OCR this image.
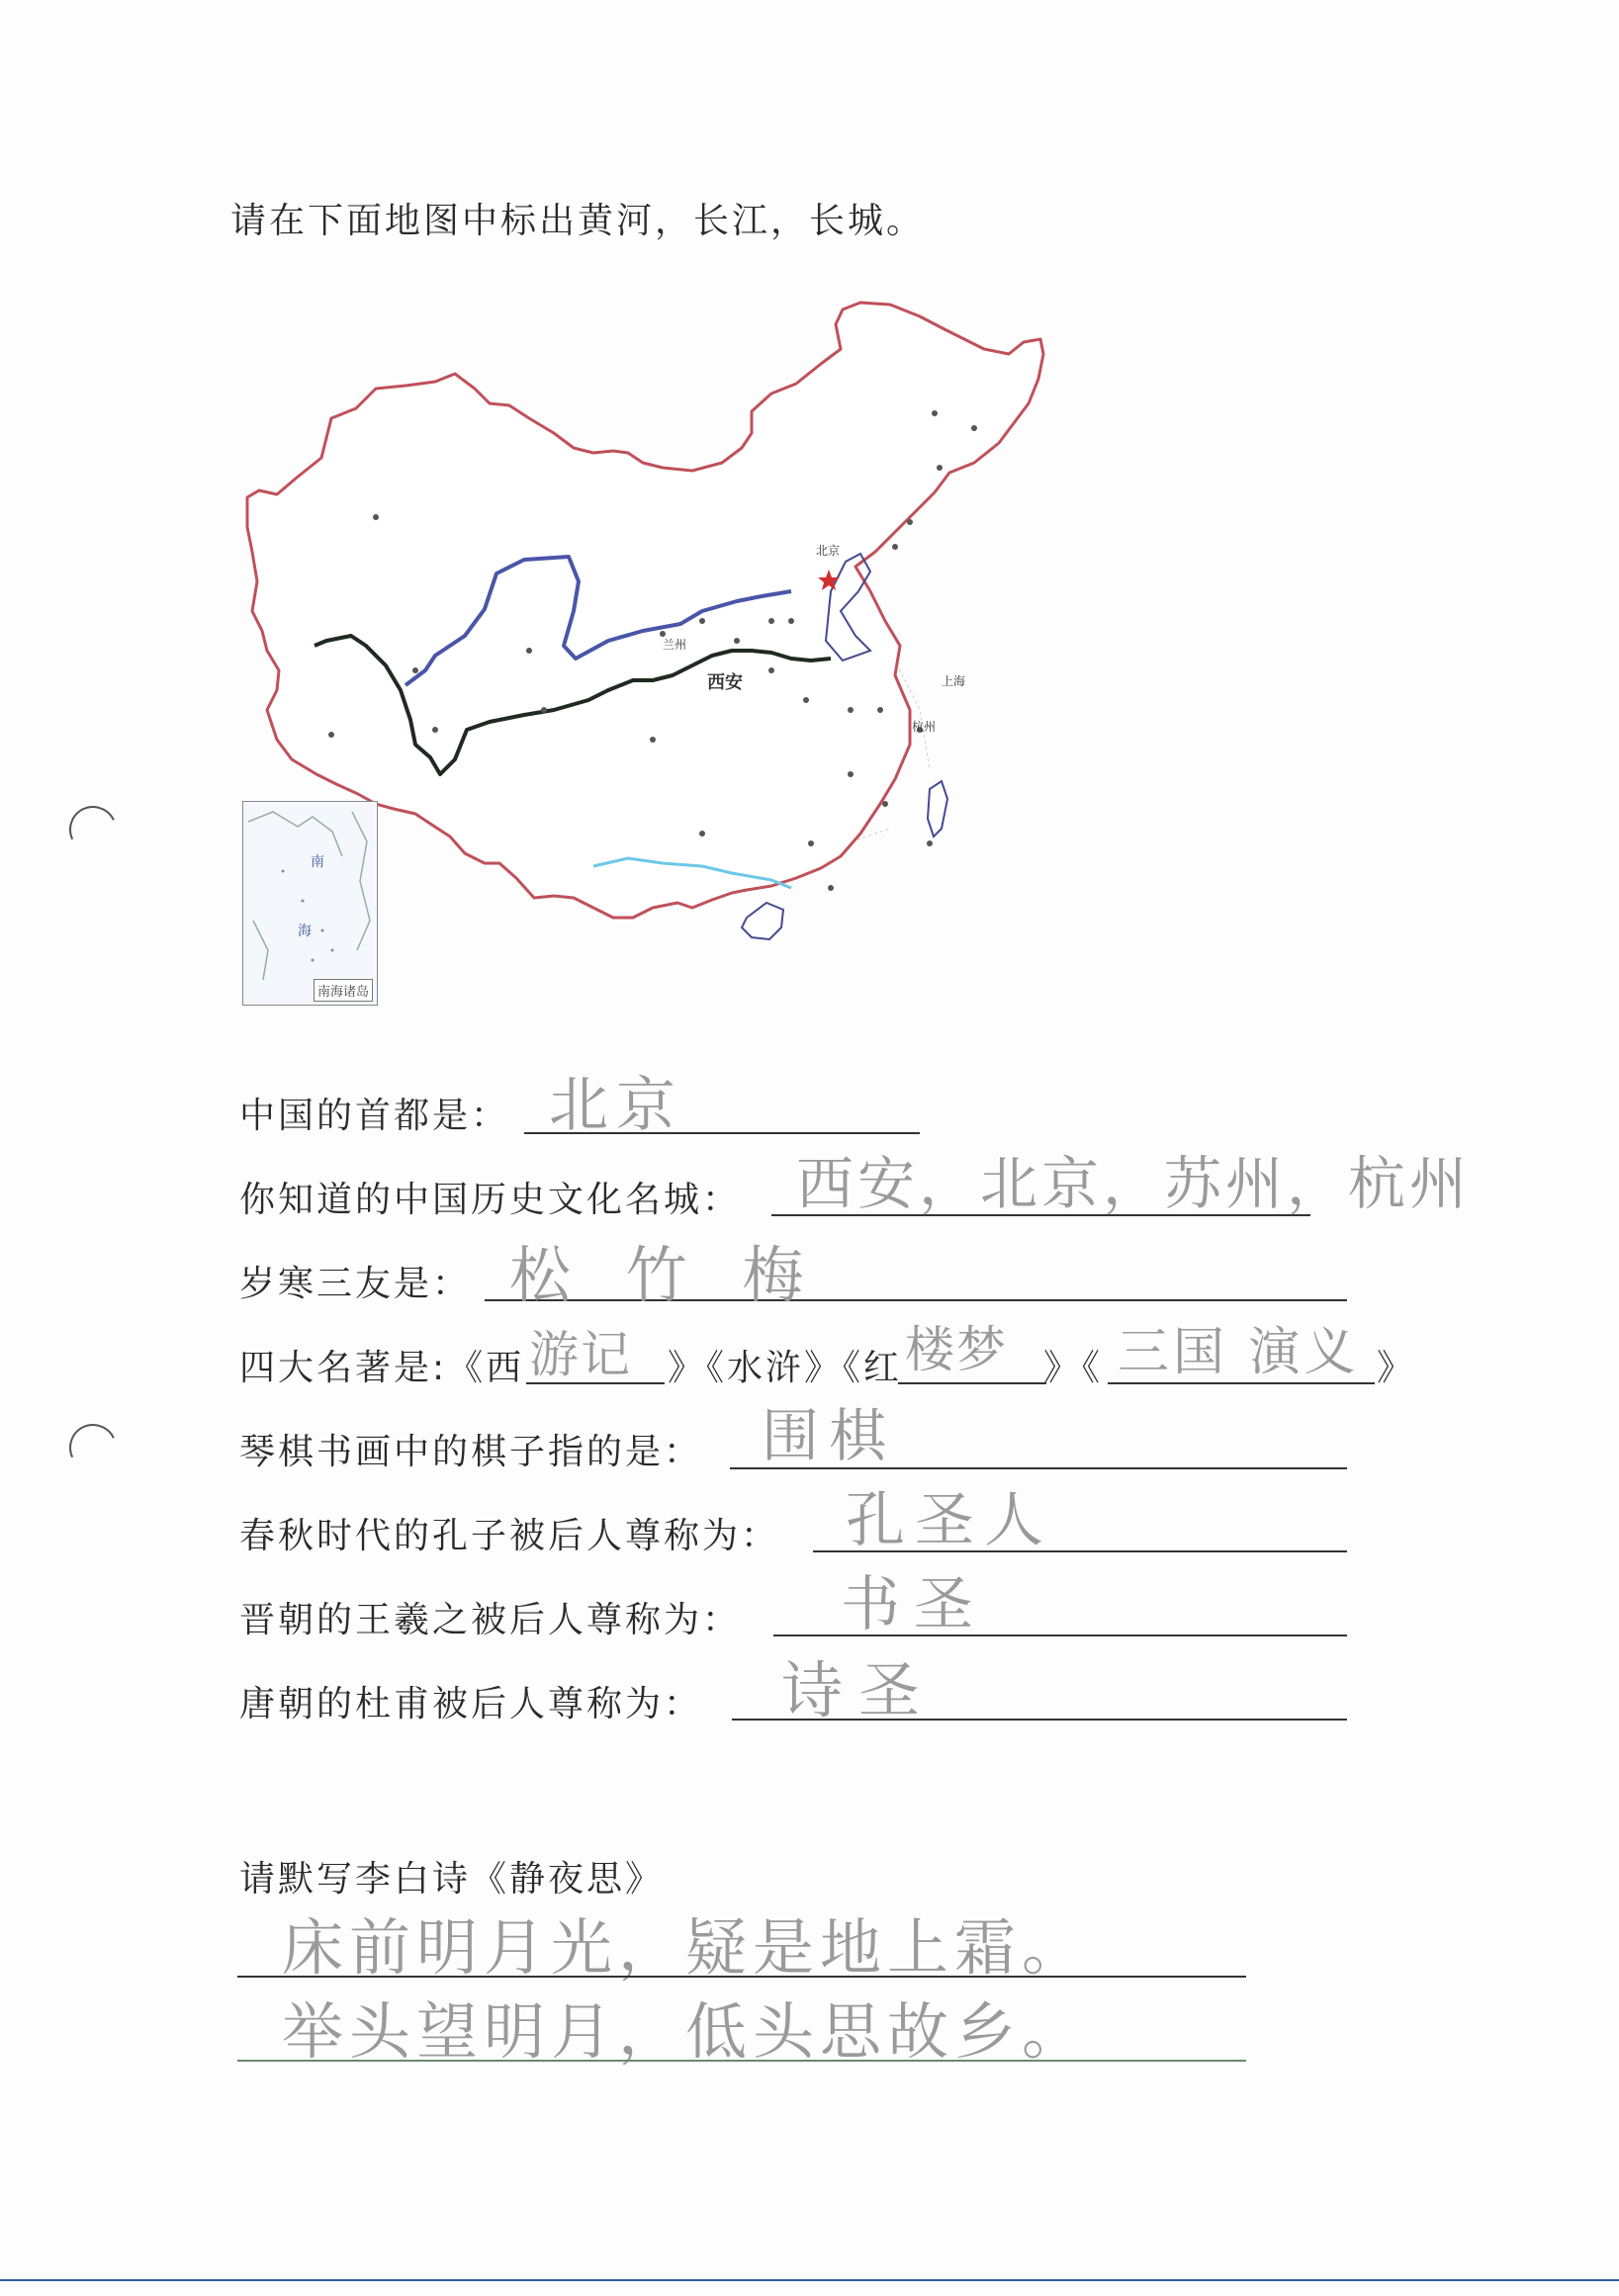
请在下面地图中标出黄河，长江，长城。
北京
兰州
西安	上海
杭州
南
海
南海诸岛
中国的首都是： 北京
你知道的中国历史文化名城： 西安，北京，苏州，杭州
岁寒三友是： 松 竹 梅
四大名著是:《西 游记 》《水浒》《红 楼梦 》《 三国 演义 》
琴棋书画中的棋子指的是： 围棋
春秋时代的孔子被后人尊称为： 孔圣人
晋朝的王羲之被后人尊称为： 书圣
唐朝的杜甫被后人尊称为： 诗圣
请默写李白诗《静夜思》
床前明月光，疑是地上霜。
举头望明月，低头思故乡。
